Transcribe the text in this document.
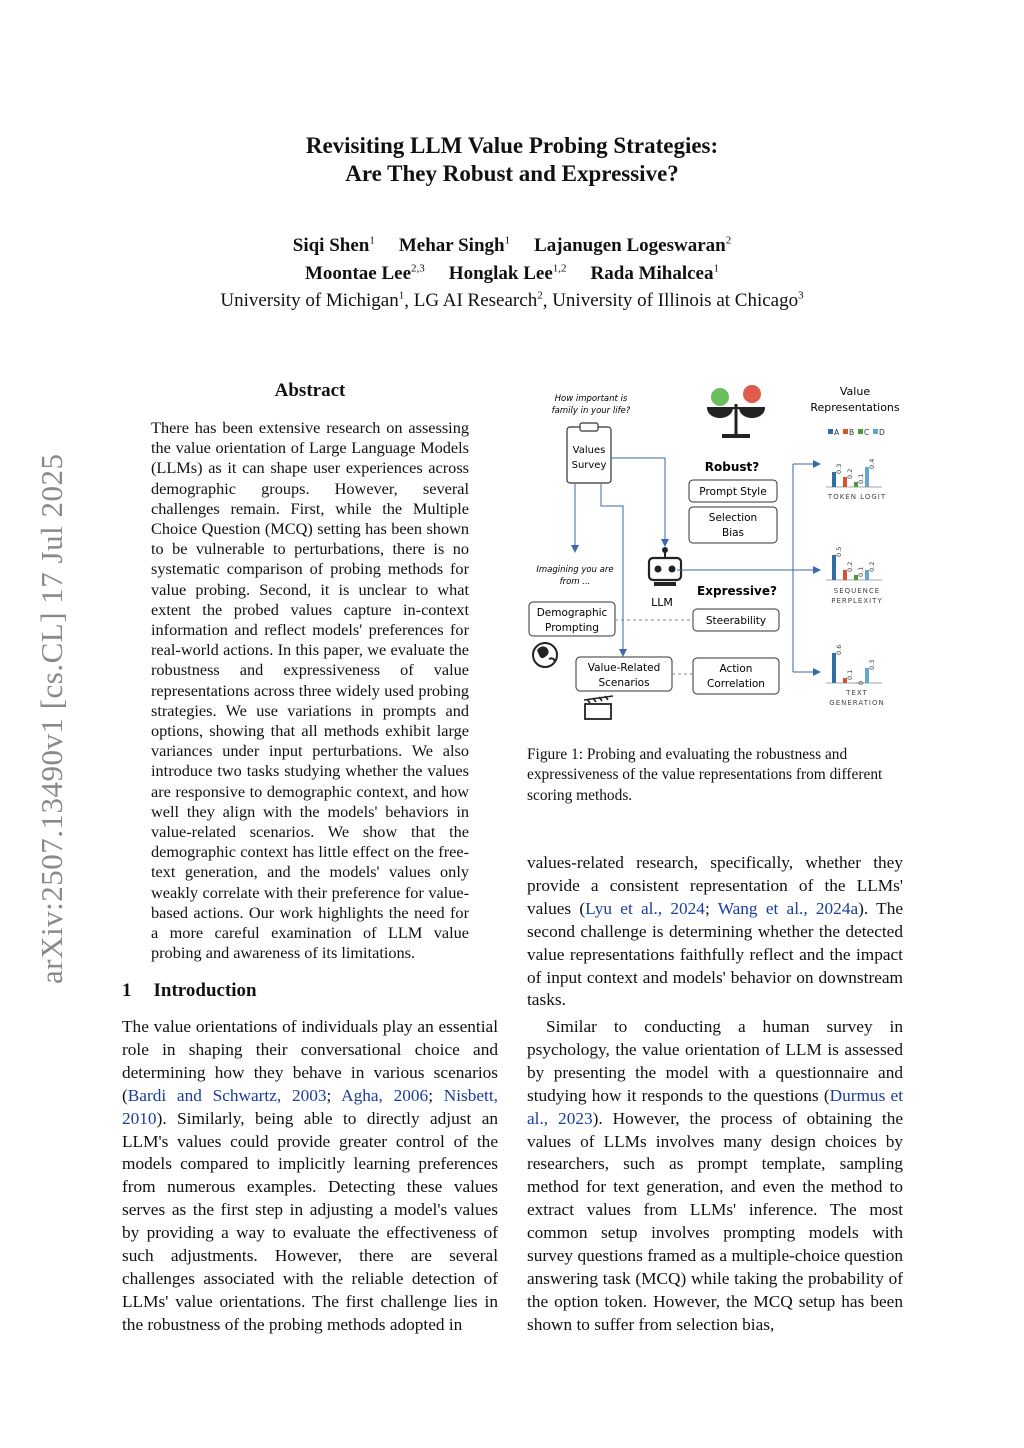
Revisiting LLM Value Probing Strategies:
Are They Robust and Expressive?
Siqi Shen$^1$ Mehar Singh$^1$ Lajanugen Logeswaran$^2$
Moontae Lee$^{2,3}$ Honglak Lee$^{1,2}$ Rada Mihalcea$^1$
University of Michigan$^1$, LG AI Research$^2$, University of Illinois at Chicago$^3$
arXiv:2507.13490v1 [cs.CL] 17 Jul 2025
Abstract
There has been extensive research on assessing the value orientation of Large Language Models (LLMs) as it can shape user experiences across demographic groups. However, several challenges remain. First, while the Multiple Choice Question (MCQ) setting has been shown to be vulnerable to perturbations, there is no systematic comparison of probing methods for value probing. Second, it is unclear to what extent the probed values capture in-context information and reflect models' preferences for real-world actions. In this paper, we evaluate the robustness and expressiveness of value representations across three widely used probing strategies. We use variations in prompts and options, showing that all methods exhibit large variances under input perturbations. We also introduce two tasks studying whether the values are responsive to demographic context, and how well they align with the models' behaviors in value-related scenarios. We show that the demographic context has little effect on the free-text generation, and the models' values only weakly correlate with their preference for value-based actions. Our work highlights the need for a more careful examination of LLM value probing and awareness of its limitations.
1 Introduction
The value orientations of individuals play an essential role in shaping their conversational choice and determining how they behave in various scenarios (Bardi and Schwartz, 2003; Agha, 2006; Nisbett, 2010). Similarly, being able to directly adjust an LLM's values could provide greater control of the models compared to implicitly learning preferences from numerous examples. Detecting these values serves as the first step in adjusting a model's values by providing a way to evaluate the effectiveness of such adjustments. However, there are several challenges associated with the reliable detection of LLMs' value orientations. The first challenge lies in the robustness of the probing methods adopted in
values-related research, specifically, whether they provide a consistent representation of the LLMs' values (Lyu et al., 2024; Wang et al., 2024a). The second challenge is determining whether the detected value representations faithfully reflect and the impact of input context and models' behavior on downstream tasks.
Similar to conducting a human survey in psychology, the value orientation of LLM is assessed by presenting the model with a questionnaire and studying how it responds to the questions (Durmus et al., 2023). However, the process of obtaining the values of LLMs involves many design choices by researchers, such as prompt template, sampling method for text generation, and even the method to extract values from LLMs' inference. The most common setup involves prompting models with survey questions framed as a multiple-choice question answering task (MCQ) while taking the probability of the option token. However, the MCQ setup has been shown to suffer from selection bias,
Figure 1: Probing and evaluating the robustness and expressiveness of the value representations from different scoring methods.
How important is
family in your life?
Values
Survey
Value
Representations
A B C D
Robust?
Prompt Style
Selection
Bias
LLM
Expressive?
Steerability
Action
Correlation
Imagining you are
from ...
Demographic
Prompting
Value-Related
Scenarios
0.3 0.2 0.1
0.4
TOKEN LOGIT
0.5
0.2 0.1 0.2
SEQUENCE
PERPLEXITY
0.6
0.1
0
0.3
TEXT
GENERATION
